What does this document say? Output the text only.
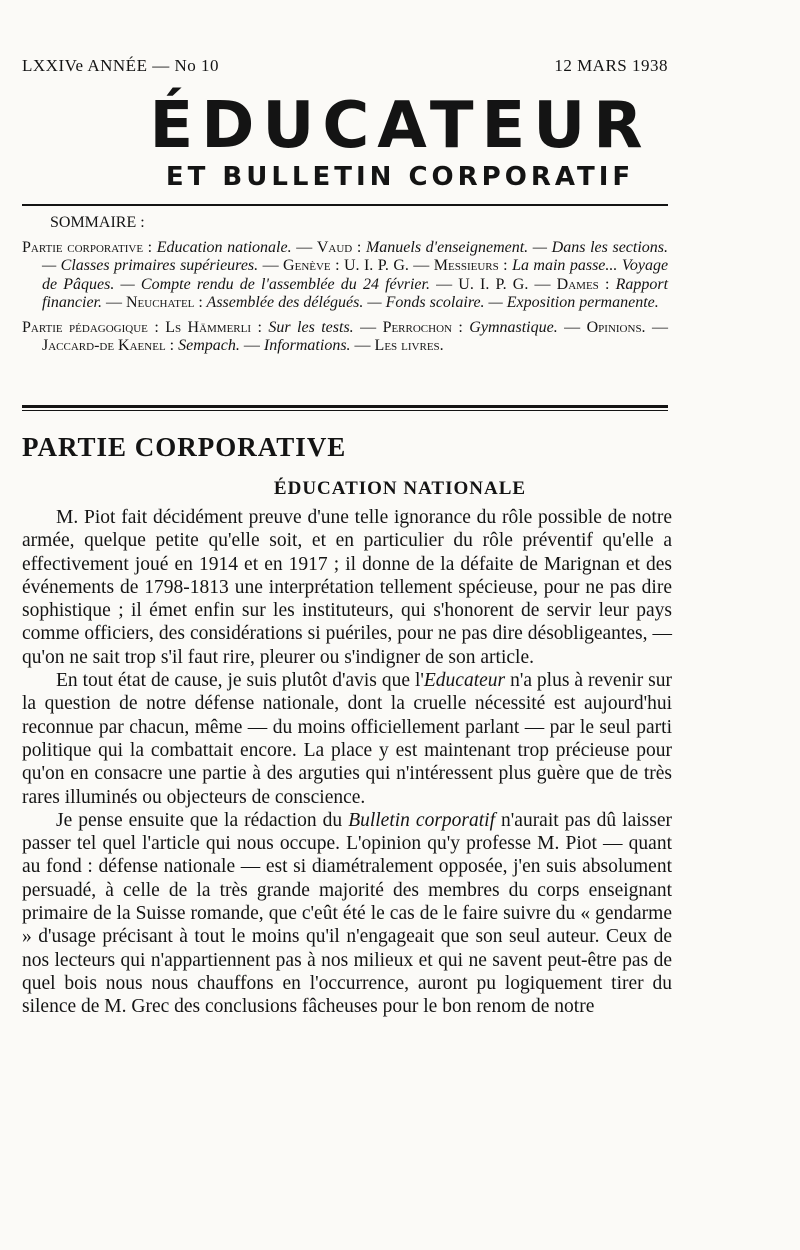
LXXIVe ANNÉE — No 10	12 MARS 1938
ÉDUCATEUR
ET BULLETIN CORPORATIF

SOMMAIRE :

Partie corporative : Education nationale. — Vaud : Manuels d'enseignement. — Dans les sections. — Classes primaires supérieures. — Genève : U. I. P. G. — Messieurs : La main passe... Voyage de Pâques. — Compte rendu de l'assemblée du 24 février. — U. I. P. G. — Dames : Rapport financier. — Neuchatel : Assemblée des délégués. — Fonds scolaire. — Exposition permanente.

Partie pédagogique : Ls Hämmerli : Sur les tests. — Perrochon : Gymnastique. — Opinions. — Jaccard-de Kaenel : Sempach. — Informations. — Les livres.

PARTIE CORPORATIVE
ÉDUCATION NATIONALE

M. Piot fait décidément preuve d'une telle ignorance du rôle possible de notre armée, quelque petite qu'elle soit, et en particulier du rôle préventif qu'elle a effectivement joué en 1914 et en 1917 ; il donne de la défaite de Marignan et des événements de 1798-1813 une interprétation tellement spécieuse, pour ne pas dire sophistique ; il émet enfin sur les instituteurs, qui s'honorent de servir leur pays comme officiers, des considérations si puériles, pour ne pas dire désobligeantes, — qu'on ne sait trop s'il faut rire, pleurer ou s'indigner de son article.

En tout état de cause, je suis plutôt d'avis que l'Educateur n'a plus à revenir sur la question de notre défense nationale, dont la cruelle nécessité est aujourd'hui reconnue par chacun, même — du moins officiellement parlant — par le seul parti politique qui la combattait encore. La place y est maintenant trop précieuse pour qu'on en consacre une partie à des arguties qui n'intéressent plus guère que de très rares illuminés ou objecteurs de conscience.

Je pense ensuite que la rédaction du Bulletin corporatif n'aurait pas dû laisser passer tel quel l'article qui nous occupe. L'opinion qu'y professe M. Piot — quant au fond : défense nationale — est si diamétralement opposée, j'en suis absolument persuadé, à celle de la très grande majorité des membres du corps enseignant primaire de la Suisse romande, que c'eût été le cas de le faire suivre du « gendarme » d'usage précisant à tout le moins qu'il n'engageait que son seul auteur. Ceux de nos lecteurs qui n'appartiennent pas à nos milieux et qui ne savent peut-être pas de quel bois nous nous chauffons en l'occurrence, auront pu logiquement tirer du silence de M. Grec des conclusions fâcheuses pour le bon renom de notre
